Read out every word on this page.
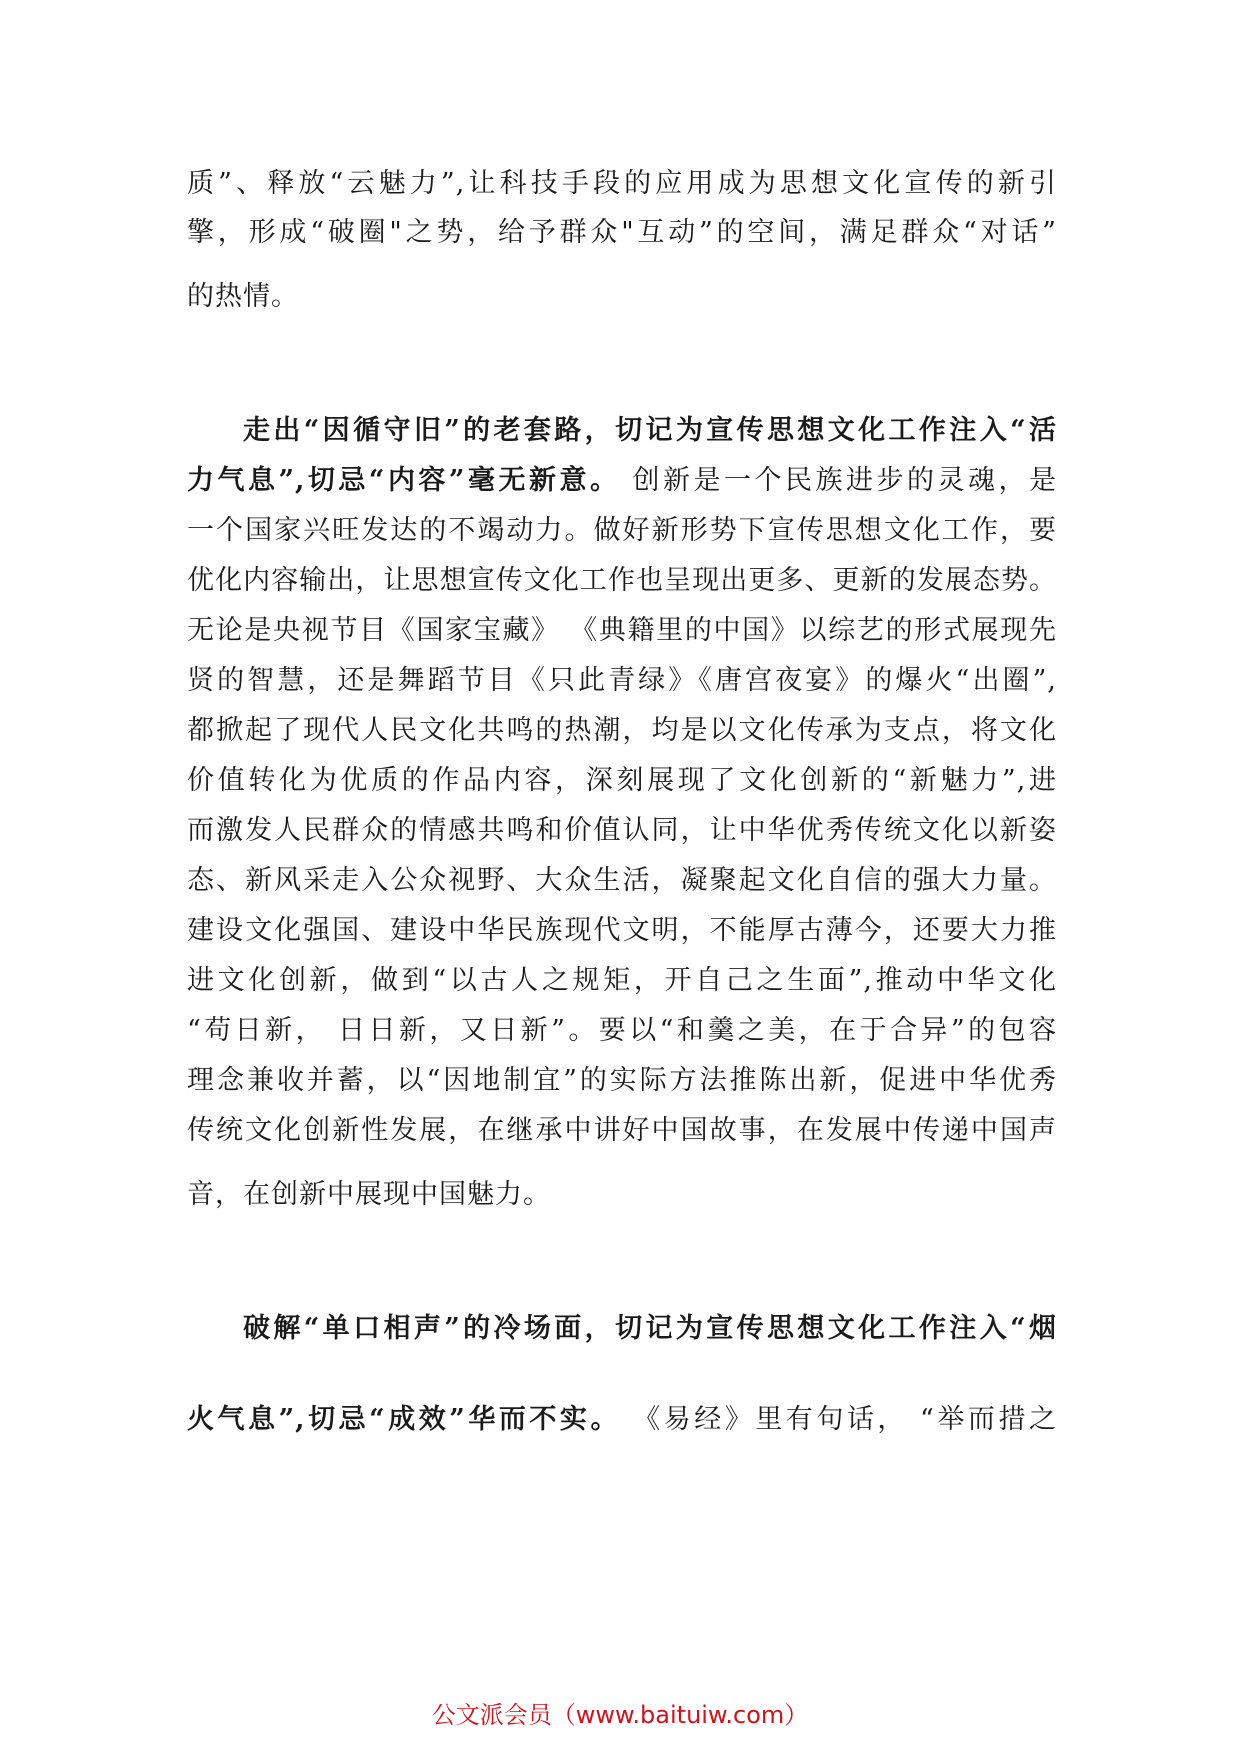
质”、释放“云魅力”,让科技手段的应用成为思想文化宣传的新引
擎，形成“破圈"之势，给予群众"互动”的空间，满足群众“对话”
的热情。
走出“因循守旧”的老套路，切记为宣传思想文化工作注入“活
力气息”,切忌“内容”毫无新意。 创新是一个民族进步的灵魂，是
一个国家兴旺发达的不竭动力。做好新形势下宣传思想文化工作，要
优化内容输出，让思想宣传文化工作也呈现出更多、更新的发展态势。
无论是央视节目《国家宝藏》 《典籍里的中国》以综艺的形式展现先
贤的智慧，还是舞蹈节目《只此青绿》《唐宫夜宴》的爆火“出圈”,
都掀起了现代人民文化共鸣的热潮，均是以文化传承为支点，将文化
价值转化为优质的作品内容，深刻展现了文化创新的“新魅力”,进
而激发人民群众的情感共鸣和价值认同，让中华优秀传统文化以新姿
态、新风采走入公众视野、大众生活，凝聚起文化自信的强大力量。
建设文化强国、建设中华民族现代文明，不能厚古薄今，还要大力推
进文化创新，做到“以古人之规矩，开自己之生面”,推动中华文化
“苟日新， 日日新，又日新”。要以“和羹之美，在于合异”的包容
理念兼收并蓄，以“因地制宜”的实际方法推陈出新，促进中华优秀
传统文化创新性发展，在继承中讲好中国故事，在发展中传递中国声
音，在创新中展现中国魅力。
破解“单口相声”的冷场面，切记为宣传思想文化工作注入“烟
火气息”,切忌“成效”华而不实。 《易经》里有句话， “举而措之
公文派会员（www.baituiw.com）
